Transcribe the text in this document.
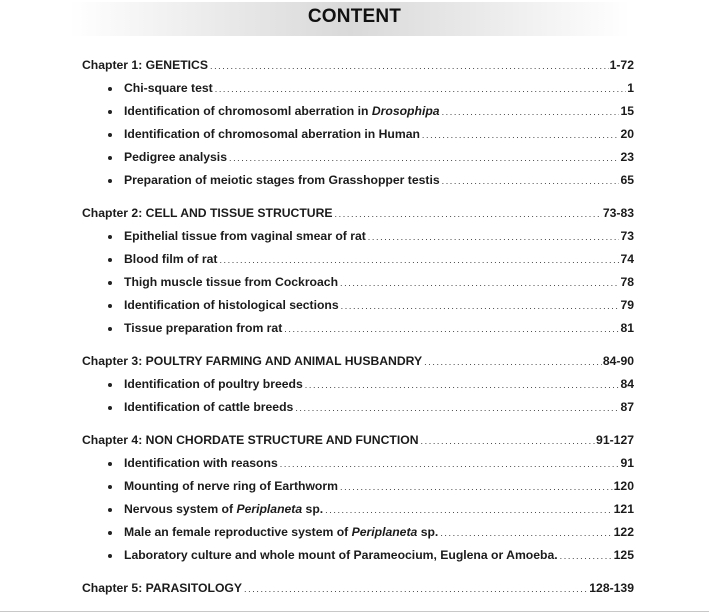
CONTENT
Chapter 1: GENETICS .....	1-72
Chi-square test .....	1
Identification of chromosoml aberration in Drosophipa .....	15
Identification of chromosomal aberration in Human .....	20
Pedigree analysis .....	23
Preparation of meiotic stages from Grasshopper testis .....	65
Chapter 2: CELL AND TISSUE STRUCTURE .....	73-83
Epithelial tissue from vaginal smear of rat .....	73
Blood film of rat .....	74
Thigh muscle tissue from Cockroach .....	78
Identification of histological sections .....	79
Tissue preparation from rat .....	81
Chapter 3: POULTRY FARMING AND ANIMAL HUSBANDRY .....	84-90
Identification of poultry breeds .....	84
Identification of cattle breeds .....	87
Chapter 4: NON CHORDATE STRUCTURE AND FUNCTION .....	91-127
Identification with reasons .....	91
Mounting of nerve ring of Earthworm .....	120
Nervous system of Periplaneta sp. .....	121
Male an female reproductive system of Periplaneta sp. .....	122
Laboratory culture and whole mount of Parameocium, Euglena or Amoeba. .....	125
Chapter 5: PARASITOLOGY .....	128-139
